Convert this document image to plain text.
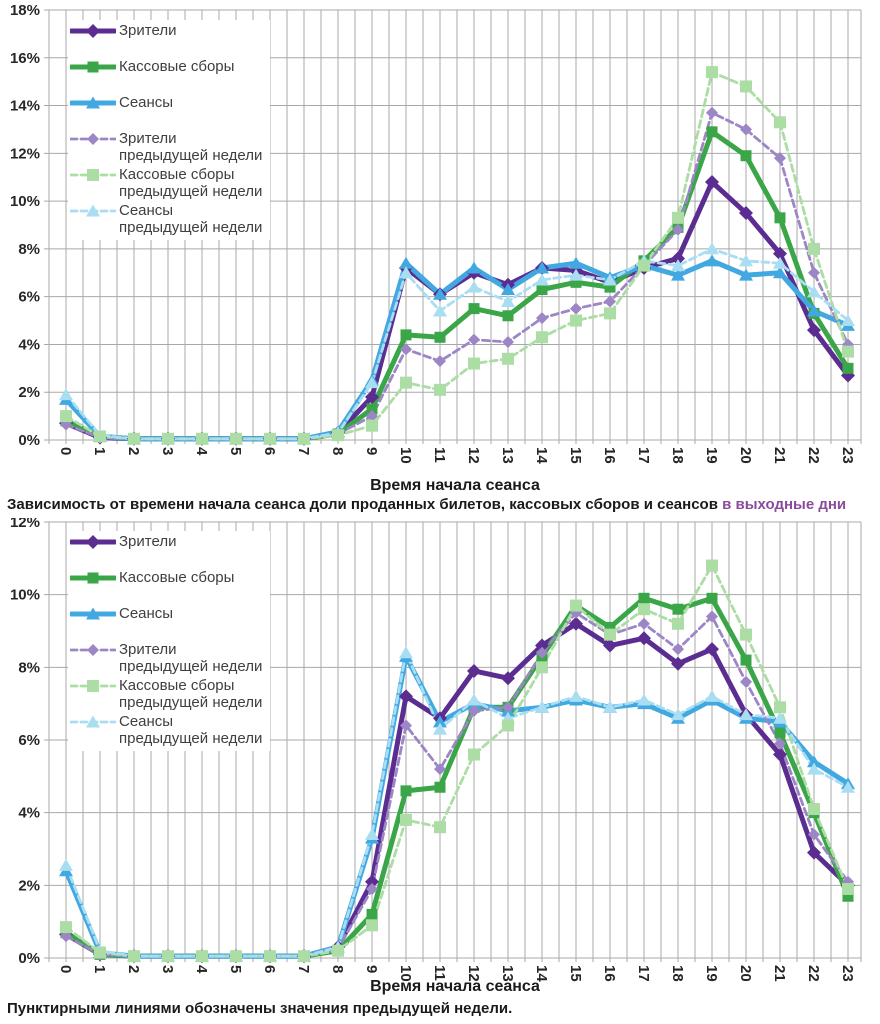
0%
2%
4%
6%
8%
10%
12%
14%
16%
18%
0 1 2 3 4 5 6 7 8 9 10 11 12 13 14 15 16 17 18 19 20 21 22 23
Время начала сеанса
Зависимость от времени начала сеанса доли проданных билетов, кассовых сборов и сеансов в выходные дни
0%
2%
4%
6%
8%
10%
12%
0 1 2 3 4 5 6 7 8 9 10 11 12 13 14 15 16 17 18 19 20 21 22 23
Время начала сеанса
Пунктирными линиями обозначены значения предыдущей недели.
Зрители
Кассовые сборы
Сеансы
Зрители
предыдущей недели
Кассовые сборы
предыдущей недели
Сеансы
предыдущей недели
Зрители
Кассовые сборы
Сеансы
Зрители
предыдущей недели
Кассовые сборы
предыдущей недели
Сеансы
предыдущей недели
